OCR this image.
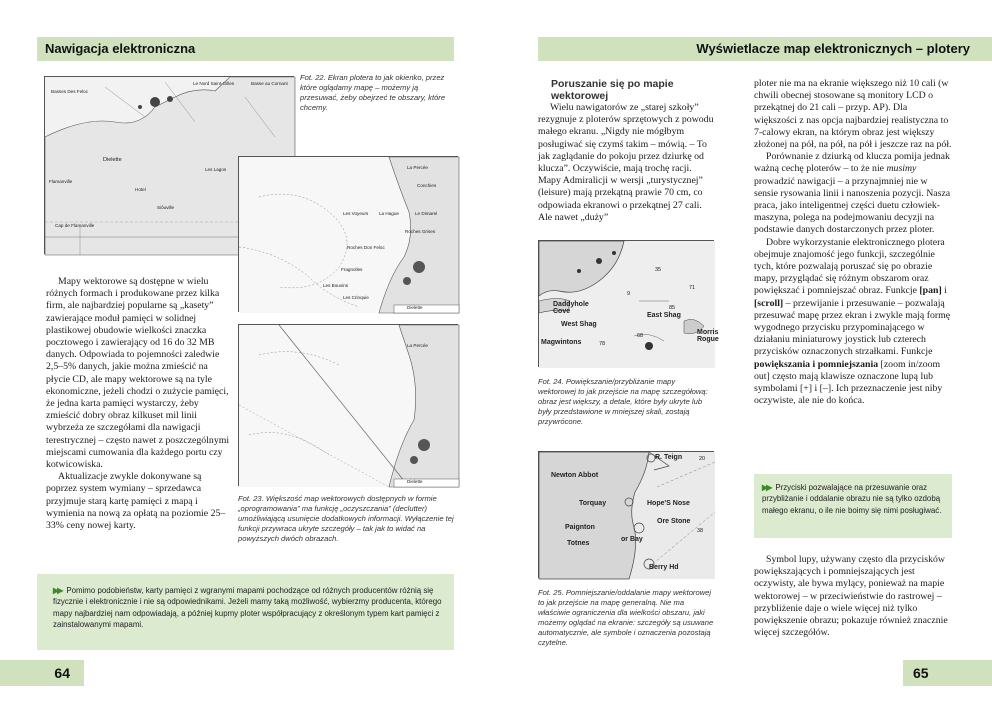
Nawigacja elektroniczna
Basses Des Feloc
Le Nord Saint-Gilles	Basse au Cornant
Dielette
Hotel
Les Lagos
Flamanville
Siôuville
Cap de Flamanville
Fot. 22. Ekran plotera to jak okienko, przez które oglądamy mapę – możemy ją przesuwać, żeby obejrzeć te obszary, które chcemy.
La Percée
Conchies
Les Voyeurs La Hague	Le Dimarel
Roches Grises
Roches Don Feloc
Fragnolles
Les Bouvins
Les Crinquie
Dielette
La Percée
Dielette
Fot. 23. Większość map wektorowych dostępnych w formie „oprogramowania” ma funkcję „oczyszczania” (declutter) umożliwiającą usunięcie dodatkowych informacji. Wyłączenie tej funkcji przywraca ukryte szczegóły – tak jak to widać na powyższych dwóch obrazach.

Mapy wektorowe są dostępne w wielu różnych formach i produkowane przez kilka firm, ale najbardziej popularne są „kasety” zawierające moduł pamięci w solidnej plastikowej obudowie wielkości znaczka pocztowego i zawierający od 16 do 32 MB danych. Odpowiada to pojemności zaledwie 2,5–5% danych, jakie można zmieścić na płycie CD, ale mapy wektorowe są na tyle ekonomiczne, jeżeli chodzi o zużycie pamięci, że jedna karta pamięci wystarczy, żeby zmieścić dobry obraz kilkuset mil linii wybrzeża ze szczegółami dla nawigacji terestrycznej – często nawet z poszczególnymi miejscami cumowania dla każdego portu czy kotwicowiska.

Aktualizacje zwykle dokonywane są poprzez system wymiany – sprzedawca przyjmuje starą kartę pamięci z mapą i wymienia na nową za opłatą na poziomie 25–33% ceny nowej karty.

▶▶ Pomimo podobieństw, karty pamięci z wgranymi mapami pochodzące od różnych producentów różnią się fizycznie i elektronicznie i nie są odpowiednikami. Jeżeli mamy taką możliwość, wybierzmy producenta, którego mapy najbardziej nam odpowiadają, a później kupmy ploter współpracujący z określonym typem kart pamięci z zainstalowanymi mapami.
64
Wyświetlacze map elektronicznych – plotery
Poruszanie się po mapie wektorowej

Wielu nawigatorów ze „starej szkoły” rezygnuje z ploterów sprzętowych z powodu małego ekranu. „Nigdy nie mógłbym posługiwać się czymś takim – mówią. – To jak zaglądanie do pokoju przez dziurkę od klucza”. Oczywiście, mają trochę racji. Mapy Admiralicji w wersji „turystycznej” (leisure) mają przekątną prawie 70 cm, co odpowiada ekranowi o przekątnej 27 cali. Ale nawet „duży”

Daddyhole Cove
East Shag
West Shag
Magwintons
Morris Rogue
71
85
68
9
78
35
Fot. 24. Powiększanie/przybliżanie mapy wektorowej to jak przejście na mapę szczegółową: obraz jest większy, a detale, które były ukryte lub były przedstawione w mniejszej skali, zostają przywrócone.
Newton Abbot
R. Teign
Torquay	Hope'S Nose
Ore Stone
Paignton
or Bay
Totnes
Berry Hd
20
38
Fot. 25. Pomniejszanie/oddalanie mapy wektorowej to jak przejście na mapę generalną. Nie ma właściwie ograniczenia dla wielkości obszaru, jaki możemy oglądać na ekranie: szczegóły są usuwane automatycznie, ale symbole i oznaczenia pozostają czytelne.

ploter nie ma na ekranie większego niż 10 cali (w chwili obecnej stosowane są monitory LCD o przekątnej do 21 cali – przyp. AP). Dla większości z nas opcja najbardziej realistyczna to 7-calowy ekran, na którym obraz jest większy złożonej na pół, na pół, na pół i jeszcze raz na pół.

Porównanie z dziurką od klucza pomija jednak ważną cechę ploterów – to że nie musimy prowadzić nawigacji – a przynajmniej nie w sensie rysowania linii i nanoszenia pozycji. Nasza praca, jako inteligentnej części duetu człowiek-maszyna, polega na podejmowaniu decyzji na podstawie danych dostarczonych przez ploter.

Dobre wykorzystanie elektronicznego plotera obejmuje znajomość jego funkcji, szczególnie tych, które pozwalają poruszać się po obrazie mapy, przyglądać się różnym obszarom oraz powiększać i pomniejszać obraz. Funkcje [pan] i [scroll] – przewijanie i przesuwanie – pozwalają przesuwać mapę przez ekran i zwykle mają formę wygodnego przycisku przypominającego w działaniu miniaturowy joystick lub czterech przycisków oznaczonych strzałkami. Funkcje powiększania i pomniejszania [zoom in/zoom out] często mają klawisze oznaczone lupą lub symbolami [+] i [–]. Ich przeznaczenie jest niby oczywiste, ale nie do końca.

▶▶ Przyciski pozwalające na przesuwanie oraz przybliżanie i oddalanie obrazu nie są tylko ozdobą małego ekranu, o ile nie boimy się nimi posługiwać.

Symbol lupy, używany często dla przycisków powiększających i pomniejszających jest oczywisty, ale bywa mylący, ponieważ na mapie wektorowej – w przeciwieństwie do rastrowej – przybliżenie daje o wiele więcej niż tylko powiększenie obrazu; pokazuje również znacznie więcej szczegółów.

65
